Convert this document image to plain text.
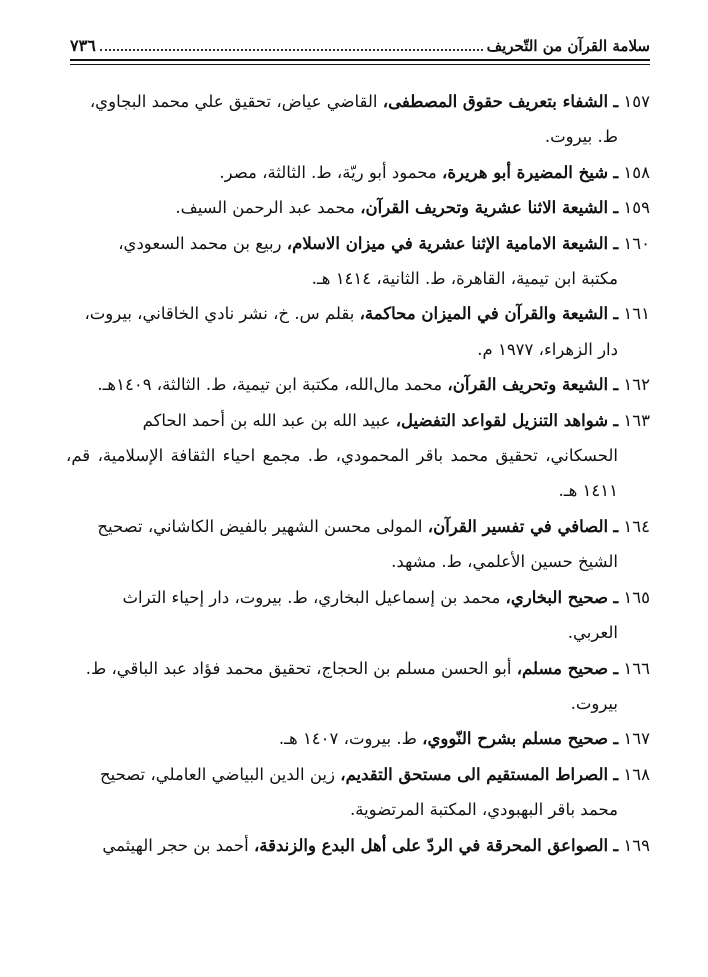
سلامة القرآن من التّحريف
٧٣٦

١٥٧ ـ الشفاء بتعريف حقوق المصطفى، القاضي عياض، تحقيق علي محمد البجاوي،
ط. بيروت.

١٥٨ ـ شيخ المضيرة أبو هريرة، محمود أبو ريّة، ط. الثالثة، مصر.

١٥٩ ـ الشيعة الاثنا عشرية وتحريف القرآن، محمد عبد الرحمن السيف.

١٦٠ ـ الشيعة الامامية الإثنا عشرية في ميزان الاسلام، ربيع بن محمد السعودي،
مكتبة ابن تيمية، القاهرة، ط. الثانية، ١٤١٤ هـ.

١٦١ ـ الشيعة والقرآن في الميزان محاكمة، بقلم س. خ، نشر نادي الخاقاني، بيروت،
دار الزهراء، ١٩٧٧ م.

١٦٢ ـ الشيعة وتحريف القرآن، محمد مال‌الله، مكتبة ابن تيمية، ط. الثالثة، ١٤٠٩هـ.

١٦٣ ـ شواهد التنزيل لقواعد التفضيل، عبيد الله بن عبد الله بن أحمد الحاكم
الحسكاني، تحقيق محمد باقر المحمودي، ط. مجمع احياء الثقافة الإسلامية، قم، ١٤١١ هـ.

١٦٤ ـ الصافي في تفسير القرآن، المولى محسن الشهير بالفيض الكاشاني، تصحيح
الشيخ حسين الأعلمي، ط. مشهد.

١٦٥ ـ صحيح البخاري، محمد بن إسماعيل البخاري، ط. بيروت، دار إحياء التراث
العربي.

١٦٦ ـ صحيح مسلم، أبو الحسن مسلم بن الحجاج، تحقيق محمد فؤاد عبد الباقي، ط.
بيروت.

١٦٧ ـ صحيح مسلم بشرح النّووي، ط. بيروت، ١٤٠٧ هـ.

١٦٨ ـ الصراط المستقيم الى مستحق التقديم، زين الدين البياضي العاملي، تصحيح
محمد باقر البهبودي، المكتبة المرتضوية.

١٦٩ ـ الصواعق المحرقة في الردّ على أهل البدع والزندقة، أحمد بن حجر الهيثمي
